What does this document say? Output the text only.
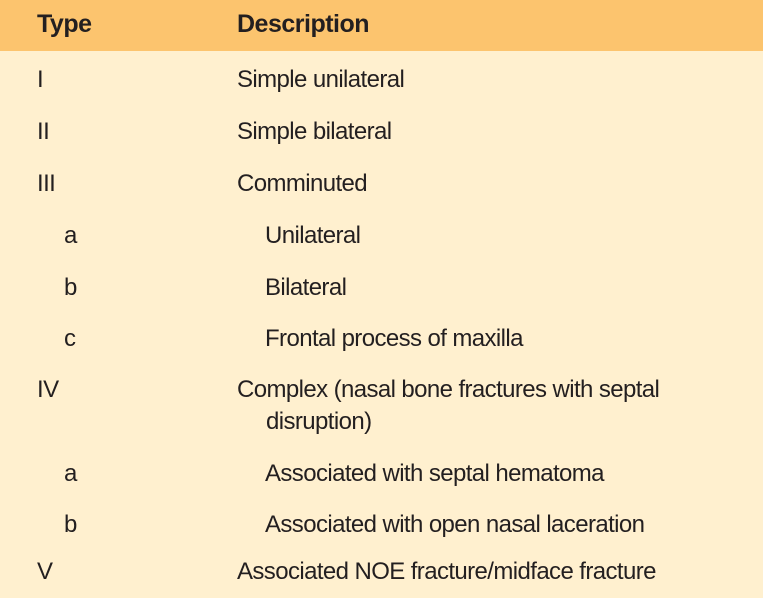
Type	Description
I	Simple unilateral
II	Simple bilateral
III	Comminuted
a	Unilateral
b	Bilateral
c	Frontal process of maxilla
IV	Complex (nasal bone fractures with septal
disruption)
a	Associated with septal hematoma
b	Associated with open nasal laceration
V	Associated NOE fracture/midface fracture
